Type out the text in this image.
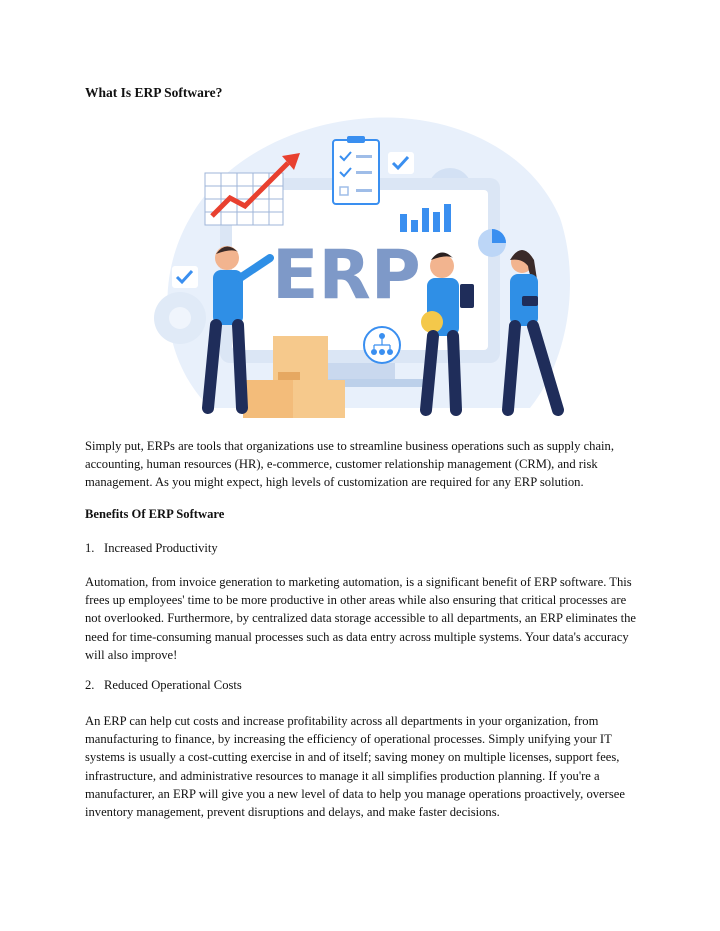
What Is ERP Software?
ERP

Simply put, ERPs are tools that organizations use to streamline business operations such as supply chain, accounting, human resources (HR), e-commerce, customer relationship management (CRM), and risk management. As you might expect, high levels of customization are required for any ERP solution.

Benefits Of ERP Software

1. Increased Productivity

Automation, from invoice generation to marketing automation, is a significant benefit of ERP software. This frees up employees' time to be more productive in other areas while also ensuring that critical processes are not overlooked. Furthermore, by centralized data storage accessible to all departments, an ERP eliminates the need for time-consuming manual processes such as data entry across multiple systems. Your data's accuracy will also improve!

2. Reduced Operational Costs

An ERP can help cut costs and increase profitability across all departments in your organization, from manufacturing to finance, by increasing the efficiency of operational processes. Simply unifying your IT systems is usually a cost-cutting exercise in and of itself; saving money on multiple licenses, support fees, infrastructure, and administrative resources to manage it all simplifies production planning. If you're a manufacturer, an ERP will give you a new level of data to help you manage operations proactively, oversee inventory management, prevent disruptions and delays, and make faster decisions.
